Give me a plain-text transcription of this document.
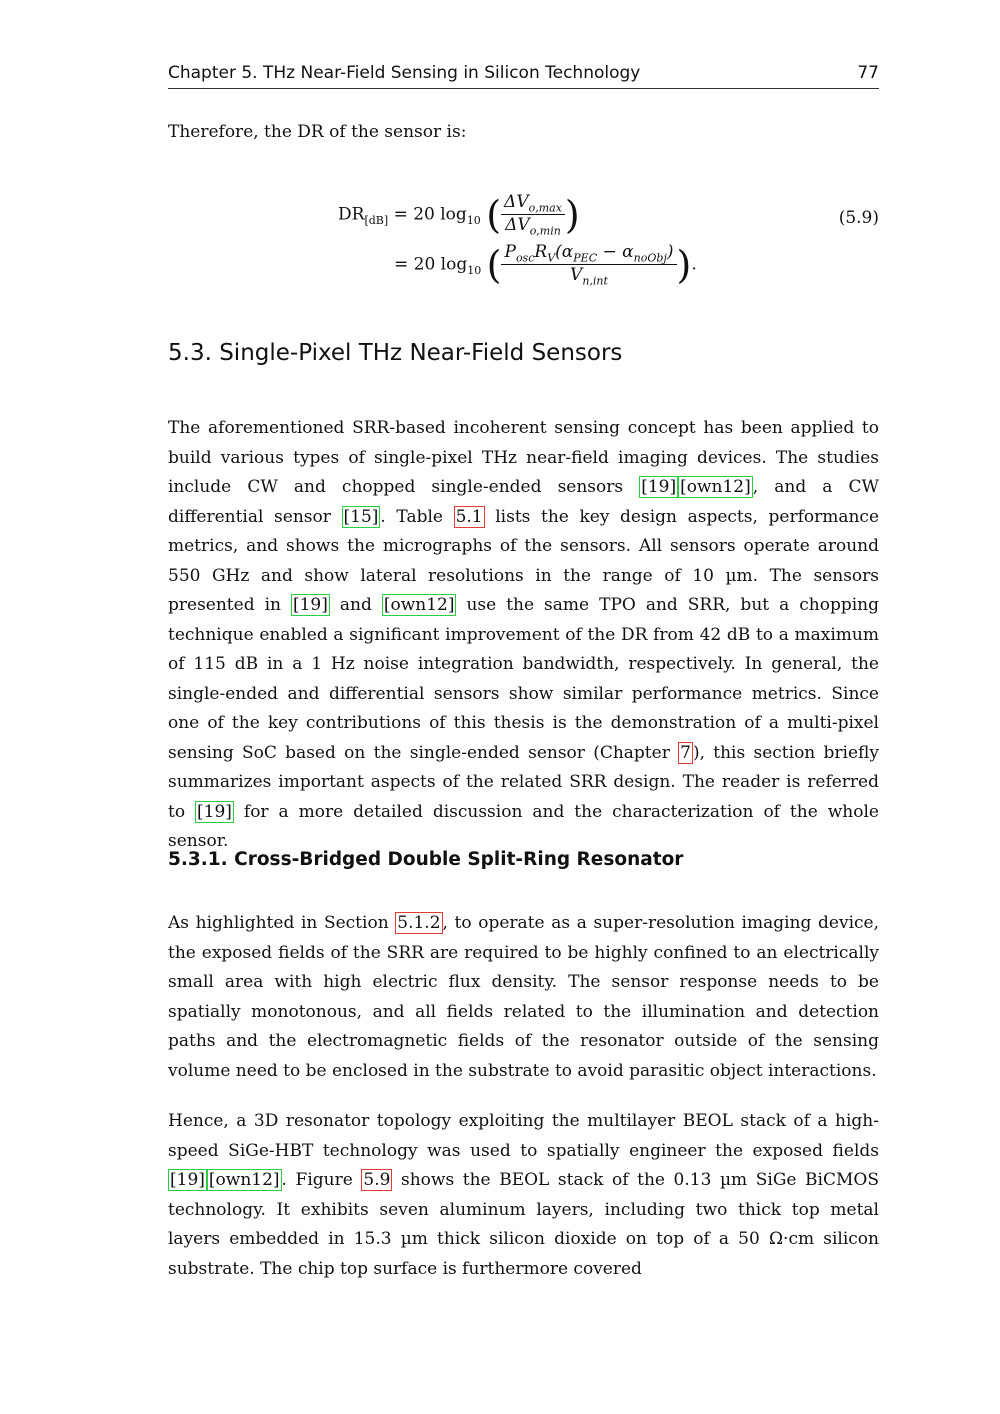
Chapter 5. THz Near-Field Sensing in Silicon Technology	77

Therefore, the DR of the sensor is:

$DR_{[dB]} = 20$ $\log_{10}$ ( $\frac{\Delta V_{o,max}}{\Delta V_{o,min}}$ )	(5.9)
= 20 $\log_{10}$ ( $\frac{P_{osc}R_V(\alpha_{PEC} - \alpha_{noObj})}{V_{n,int}}$ ).
5.3. Single-Pixel THz Near-Field Sensors

The aforementioned SRR-based incoherent sensing concept has been applied to build various types of single-pixel THz near-field imaging devices. The studies include CW and chopped single-ended sensors [19] [own12] , and a CW differential sensor [15] . Table 5.1 lists the key design aspects, performance metrics, and shows the micrographs of the sensors. All sensors operate around 550 GHz and show lateral resolutions in the range of 10 µm. The sensors presented in [19] and [own12] use the same TPO and SRR, but a chopping technique enabled a significant improvement of the DR from 42 dB to a maximum of 115 dB in a 1 Hz noise integration bandwidth, respectively. In general, the single-ended and differential sensors show similar performance metrics. Since one of the key contributions of this thesis is the demonstration of a multi-pixel sensing SoC based on the single-ended sensor (Chapter 7 ), this section briefly summarizes important aspects of the related SRR design. The reader is referred to [19] for a more detailed discussion and the characterization of the whole sensor.

5.3.1. Cross-Bridged Double Split-Ring Resonator

As highlighted in Section 5.1.2 , to operate as a super-resolution imaging device, the exposed fields of the SRR are required to be highly confined to an electrically small area with high electric flux density. The sensor response needs to be spatially monotonous, and all fields related to the illumination and detection paths and the electromagnetic fields of the resonator outside of the sensing volume need to be enclosed in the substrate to avoid parasitic object interactions.

Hence, a 3D resonator topology exploiting the multilayer BEOL stack of a high-speed SiGe-HBT technology was used to spatially engineer the exposed fields [19] [own12] . Figure 5.9 shows the BEOL stack of the 0.13 µm SiGe BiCMOS technology. It exhibits seven aluminum layers, including two thick top metal layers embedded in 15.3 µm thick silicon dioxide on top of a 50 Ω·cm silicon substrate. The chip top surface is furthermore covered
